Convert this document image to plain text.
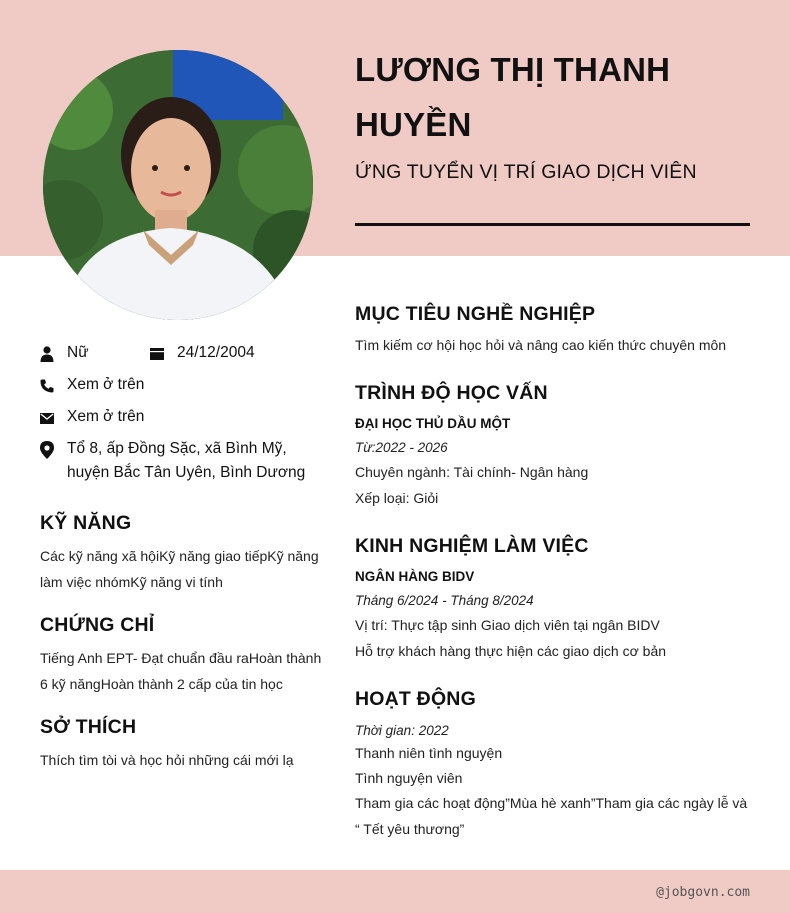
LƯƠNG THỊ THANH HUYỀN
ỨNG TUYỂN VỊ TRÍ GIAO DỊCH VIÊN
Nữ	24/12/2004
Xem ở trên
Xem ở trên
Tổ 8, ấp Đồng Sặc, xã Bình Mỹ, huyện Bắc Tân Uyên, Bình Dương
KỸ NĂNG
Các kỹ năng xã hộiKỹ năng giao tiếpKỹ năng làm việc nhómKỹ năng vi tính
CHỨNG CHỈ
Tiếng Anh EPT- Đạt chuẩn đầu raHoàn thành 6 kỹ năngHoàn thành 2 cấp của tin học
SỞ THÍCH
Thích tìm tòi và học hỏi những cái mới lạ
MỤC TIÊU NGHỀ NGHIỆP
Tìm kiếm cơ hội học hỏi và nâng cao kiến thức chuyên môn
TRÌNH ĐỘ HỌC VẤN
ĐẠI HỌC THỦ DẦU MỘT
Từ:2022 - 2026
Chuyên ngành: Tài chính- Ngân hàng
Xếp loại: Giỏi
KINH NGHIỆM LÀM VIỆC
NGÂN HÀNG BIDV
Tháng 6/2024 - Tháng 8/2024
Vị trí: Thực tập sinh Giao dịch viên tại ngân BIDV
Hỗ trợ khách hàng thực hiện các giao dịch cơ bản
HOẠT ĐỘNG
Thời gian: 2022
Thanh niên tình nguyện
Tình nguyện viên
Tham gia các hoạt động”Mùa hè xanh”Tham gia các ngày lễ và “ Tết yêu thương”
@jobgovn.com
